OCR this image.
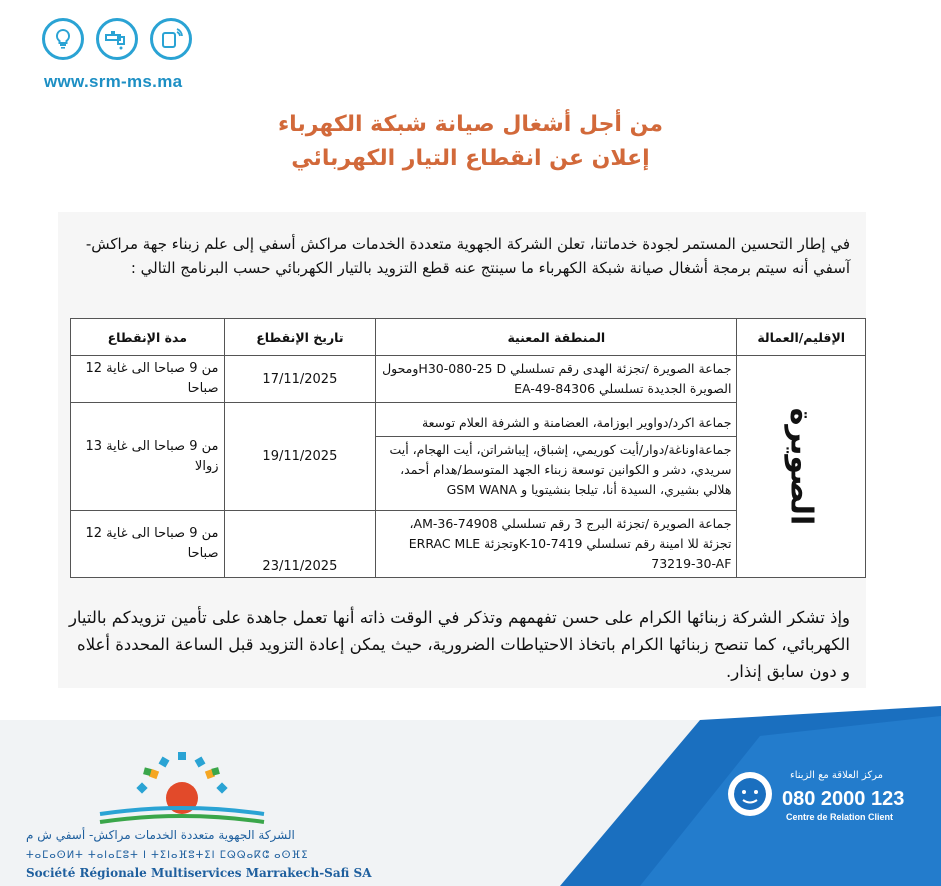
www.srm-ms.ma
من أجل أشغال صيانة شبكة الكهرباء
إعلان عن انقطاع التيار الكهربائي
في إطار التحسين المستمر لجودة خدماتنا، تعلن الشركة الجهوية متعددة الخدمات مراكش أسفي إلى علم زبناء جهة مراكش- آسفي أنه سيتم برمجة أشغال صيانة شبكة الكهرباء ما سينتج عنه قطع التزويد بالتيار الكهربائي حسب البرنامج التالي :
الإقليم/العمالة	المنطقة المعنية	تاريخ الإنقطاع	مدة الإنقطاع
الصويرة	جماعة الصويرة /تجزئة الهدى رقم تسلسلي H30-080-25 Dومحول الصويرة الجديدة تسلسلي EA-49-84306	17/11/2025	من 9 صباحا الى غاية 12 صباحا

	جماعة اكرد/دواوير ابوزامة، العضامنة و الشرفة العلام توسعة
جماعةاوناغة/دوار/أيت كوريمي، إشباق، إيباشراتن، أيت الهجام، أيت سريدي، دشر و الكوانين توسعة زبناء الجهد المتوسط/هدام أحمد، هلالي بشيري، السيدة أنا، تيلجا بنشيتويا و GSM WANA	19/11/2025	من 9 صباحا الى غاية 13 زوالا

	جماعة الصويرة /تجزئة البرج 3 رقم تسلسلي AM-36-74908، تجزئة للا امينة رقم تسلسلي K-10-7419وتجزئة ERRAC MLE 73219-30-AF	23/11/2025	من 9 صباحا الى غاية 12 صباحا
وإذ تشكر الشركة زبنائها الكرام على حسن تفهمهم وتذكر في الوقت ذاته أنها تعمل جاهدة على تأمين تزويدكم بالتيار الكهربائي، كما تنصح زبنائها الكرام باتخاذ الاحتياطات الضرورية، حيث يمكن إعادة التزويد قبل الساعة المحددة أعلاه و دون سابق إنذار.
الشركة الجهوية متعددة الخدمات مراكش- أسفي ش م
ⵜⴰⵎⴰⵙⵍⵜ ⵜⴰⵏⴰⵎⵓⵜ ⵏ ⵜⵉⵏⴰⴼⵓⵜⵉⵏ ⵎⵕⵕⴰⴽⵛ ⴰⵙⴼⵉ
Société Régionale Multiservices Marrakech-Safi SA
مركز العلاقة مع الزبناء
080 2000 123
Centre de Relation Client
